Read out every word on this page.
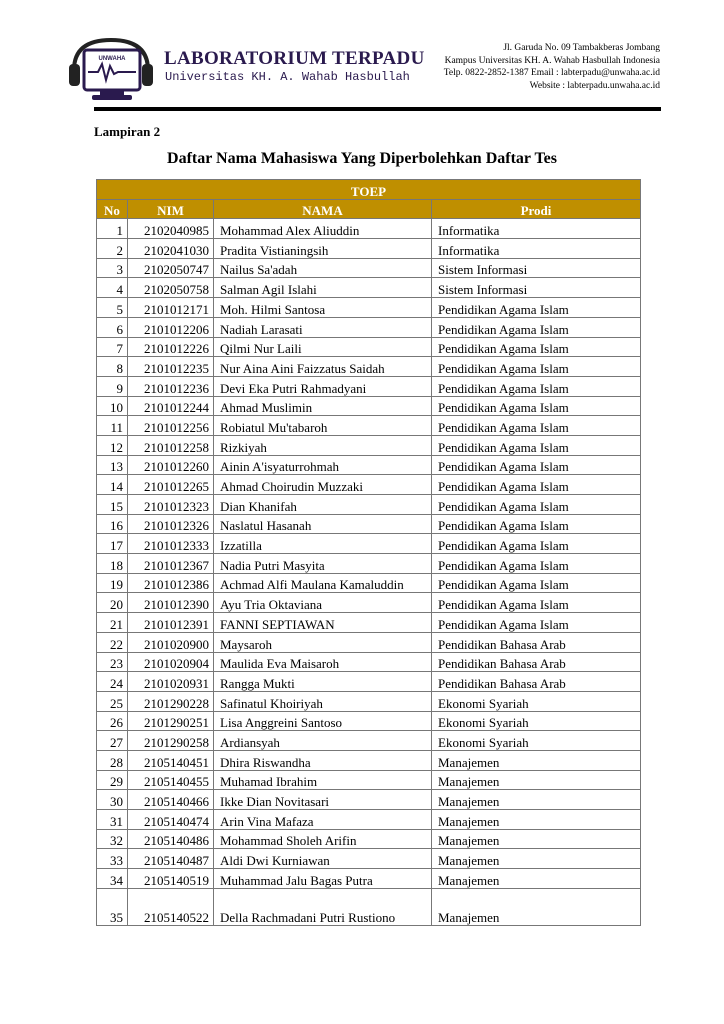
UNWAHA LABORATORIUM TERPADU
Universitas KH. A. Wahab Hasbullah
Jl. Garuda No. 09 Tambakberas Jombang
Kampus Universitas KH. A. Wahab Hasbullah Indonesia
Telp. 0822-2852-1387 Email : labterpadu@unwaha.ac.id
Website : labterpadu.unwaha.ac.id
Lampiran 2
Daftar Nama Mahasiswa Yang Diperbolehkan Daftar Tes
TOEP			
No	NIM	NAMA	Prodi
1	2102040985	Mohammad Alex Aliuddin	Informatika
2	2102041030	Pradita Vistianingsih	Informatika
3	2102050747	Nailus Sa'adah	Sistem Informasi
4	2102050758	Salman Agil Islahi	Sistem Informasi
5	2101012171	Moh. Hilmi Santosa	Pendidikan Agama Islam
6	2101012206	Nadiah Larasati	Pendidikan Agama Islam
7	2101012226	Qilmi Nur Laili	Pendidikan Agama Islam
8	2101012235	Nur Aina Aini Faizzatus Saidah	Pendidikan Agama Islam
9	2101012236	Devi Eka Putri Rahmadyani	Pendidikan Agama Islam
10	2101012244	Ahmad Muslimin	Pendidikan Agama Islam
11	2101012256	Robiatul Mu'tabaroh	Pendidikan Agama Islam
12	2101012258	Rizkiyah	Pendidikan Agama Islam
13	2101012260	Ainin A'isyaturrohmah	Pendidikan Agama Islam
14	2101012265	Ahmad Choirudin Muzzaki	Pendidikan Agama Islam
15	2101012323	Dian Khanifah	Pendidikan Agama Islam
16	2101012326	Naslatul Hasanah	Pendidikan Agama Islam
17	2101012333	Izzatilla	Pendidikan Agama Islam
18	2101012367	Nadia Putri Masyita	Pendidikan Agama Islam
19	2101012386	Achmad Alfi Maulana Kamaluddin	Pendidikan Agama Islam
20	2101012390	Ayu Tria Oktaviana	Pendidikan Agama Islam
21	2101012391	FANNI SEPTIAWAN	Pendidikan Agama Islam
22	2101020900	Maysaroh	Pendidikan Bahasa Arab
23	2101020904	Maulida Eva Maisaroh	Pendidikan Bahasa Arab
24	2101020931	Rangga Mukti	Pendidikan Bahasa Arab
25	2101290228	Safinatul Khoiriyah	Ekonomi Syariah
26	2101290251	Lisa Anggreini Santoso	Ekonomi Syariah
27	2101290258	Ardiansyah	Ekonomi Syariah
28	2105140451	Dhira Riswandha	Manajemen
29	2105140455	Muhamad Ibrahim	Manajemen
30	2105140466	Ikke Dian Novitasari	Manajemen
31	2105140474	Arin Vina Mafaza	Manajemen
32	2105140486	Mohammad Sholeh Arifin	Manajemen
33	2105140487	Aldi Dwi Kurniawan	Manajemen
34	2105140519	Muhammad Jalu Bagas Putra	Manajemen
35	2105140522	Della Rachmadani Putri Rustiono	Manajemen
